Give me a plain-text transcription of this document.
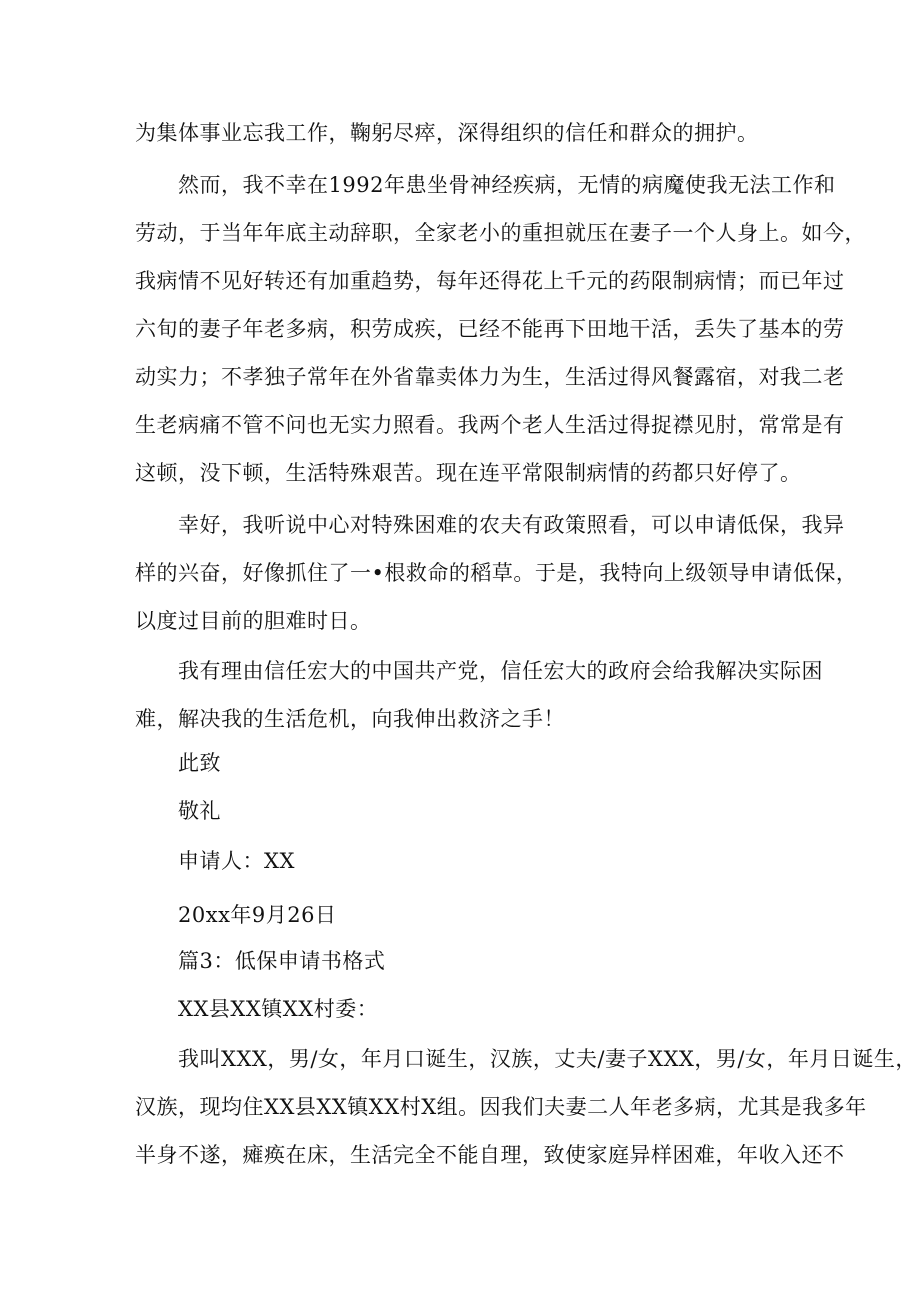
为集体事业忘我工作，鞠躬尽瘁，深得组织的信任和群众的拥护。
然而，我不幸在1992年患坐骨神经疾病，无情的病魔使我无法工作和
劳动，于当年年底主动辞职，全家老小的重担就压在妻子一个人身上。如今，
我病情不见好转还有加重趋势，每年还得花上千元的药限制病情；而已年过
六旬的妻子年老多病，积劳成疾，已经不能再下田地干活，丢失了基本的劳
动实力；不孝独子常年在外省靠卖体力为生，生活过得风餐露宿，对我二老
生老病痛不管不问也无实力照看。我两个老人生活过得捉襟见肘，常常是有
这顿，没下顿，生活特殊艰苦。现在连平常限制病情的药都只好停了。
幸好，我听说中心对特殊困难的农夫有政策照看，可以申请低保，我异
样的兴奋，好像抓住了一•根救命的稻草。于是，我特向上级领导申请低保，
以度过目前的胆难时日。
我有理由信任宏大的中国共产党，信任宏大的政府会给我解决实际困
难，解决我的生活危机，向我伸出救济之手！
此致
敬礼
申请人：XX
20xx年9月26日
篇3：低保申请书格式
XX县XX镇XX村委：
我叫XXX，男/女，年月口诞生，汉族，丈夫/妻子XXX，男/女，年月日诞生，
汉族，现均住XX县XX镇XX村X组。因我们夫妻二人年老多病，尤其是我多年
半身不遂，瘫痪在床，生活完全不能自理，致使家庭异样困难，年收入还不
